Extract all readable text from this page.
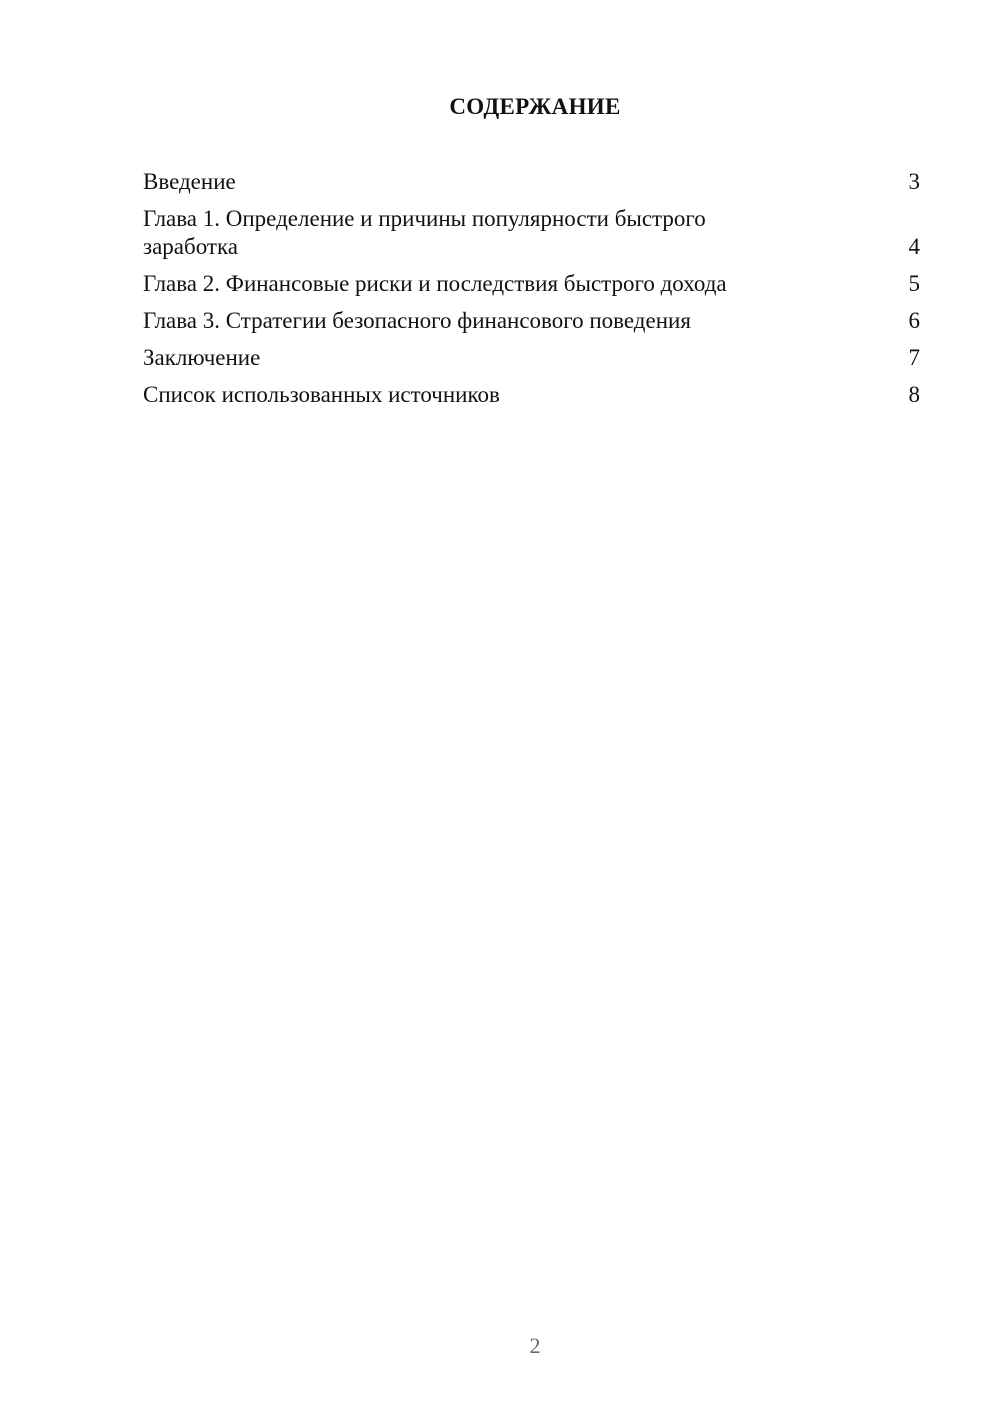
СОДЕРЖАНИЕ
Введение	3
Глава 1. Определение и причины популярности быстрого заработка	4
Глава 2. Финансовые риски и последствия быстрого дохода	5
Глава 3. Стратегии безопасного финансового поведения	6
Заключение	7
Список использованных источников	8
2
